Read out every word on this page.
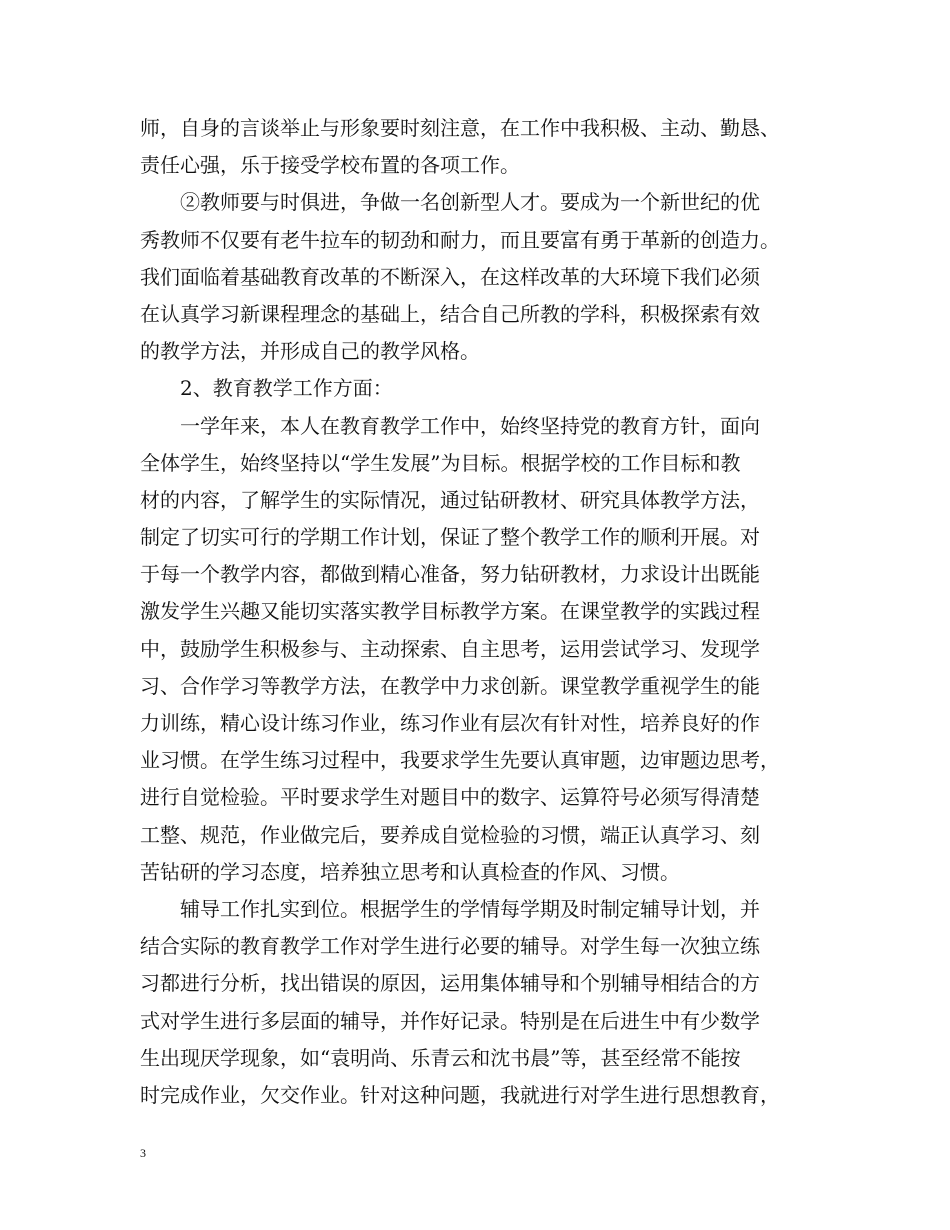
师，自身的言谈举止与形象要时刻注意，在工作中我积极、主动、勤恳、
责任心强，乐于接受学校布置的各项工作。
②教师要与时俱进，争做一名创新型人才。要成为一个新世纪的优
秀教师不仅要有老牛拉车的韧劲和耐力，而且要富有勇于革新的创造力。
我们面临着基础教育改革的不断深入，在这样改革的大环境下我们必须
在认真学习新课程理念的基础上，结合自己所教的学科，积极探索有效
的教学方法，并形成自己的教学风格。
2、教育教学工作方面：
一学年来，本人在教育教学工作中，始终坚持党的教育方针，面向
全体学生，始终坚持以“学生发展”为目标。根据学校的工作目标和教
材的内容，了解学生的实际情况，通过钻研教材、研究具体教学方法，
制定了切实可行的学期工作计划，保证了整个教学工作的顺利开展。对
于每一个教学内容，都做到精心准备，努力钻研教材，力求设计出既能
激发学生兴趣又能切实落实教学目标教学方案。在课堂教学的实践过程
中，鼓励学生积极参与、主动探索、自主思考，运用尝试学习、发现学
习、合作学习等教学方法，在教学中力求创新。课堂教学重视学生的能
力训练，精心设计练习作业，练习作业有层次有针对性，培养良好的作
业习惯。在学生练习过程中，我要求学生先要认真审题，边审题边思考，
进行自觉检验。平时要求学生对题目中的数字、运算符号必须写得清楚
工整、规范，作业做完后，要养成自觉检验的习惯，端正认真学习、刻
苦钻研的学习态度，培养独立思考和认真检查的作风、习惯。
辅导工作扎实到位。根据学生的学情每学期及时制定辅导计划，并
结合实际的教育教学工作对学生进行必要的辅导。对学生每一次独立练
习都进行分析，找出错误的原因，运用集体辅导和个别辅导相结合的方
式对学生进行多层面的辅导，并作好记录。特别是在后进生中有少数学
生出现厌学现象，如“袁明尚、乐青云和沈书晨”等，甚至经常不能按
时完成作业，欠交作业。针对这种问题，我就进行对学生进行思想教育，
3
